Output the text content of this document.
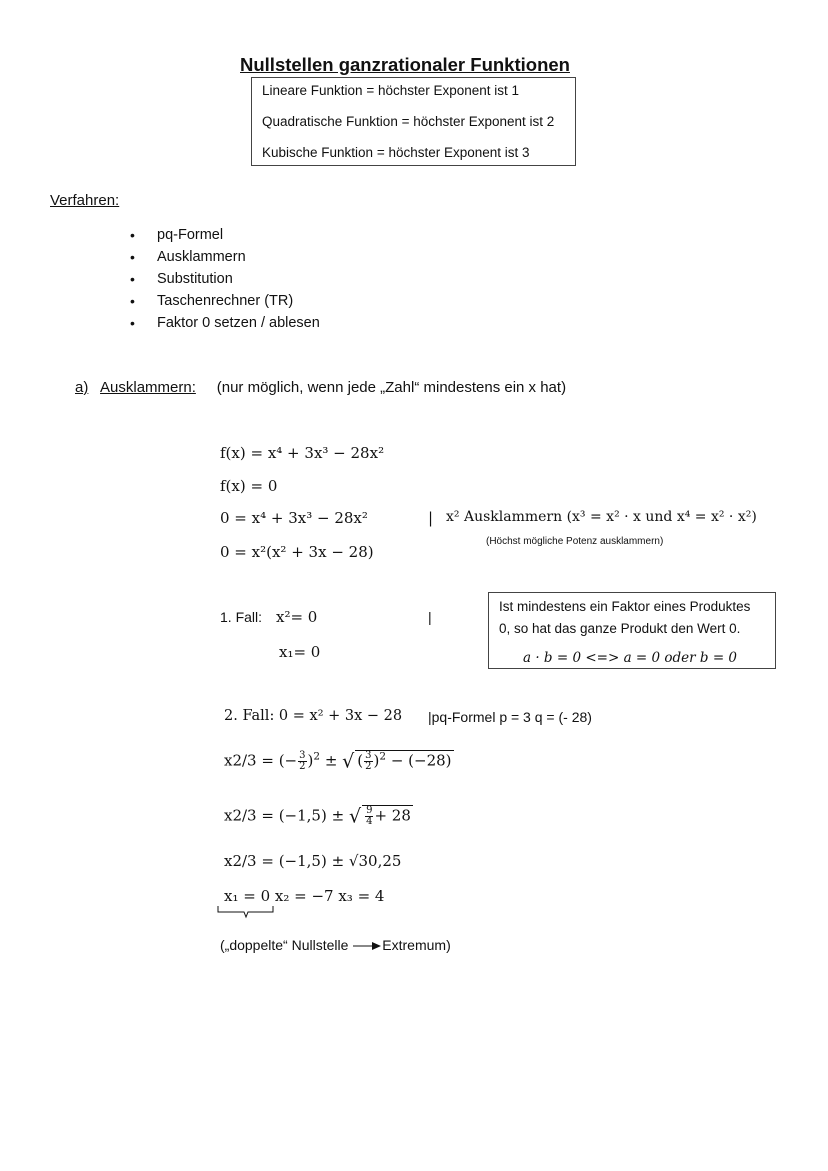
Nullstellen ganzrationaler Funktionen
Lineare Funktion = höchster Exponent ist 1
Quadratische Funktion = höchster Exponent ist 2
Kubische Funktion = höchster Exponent ist 3
Verfahren:
• pq-Formel
• Ausklammern
• Substitution
• Taschenrechner (TR)
• Faktor 0 setzen / ablesen
a) Ausklammern: (nur möglich, wenn jede „Zahl“ mindestens ein x hat)
f(x) = x⁴ + 3x³ − 28x²
f(x) = 0
0 = x⁴ + 3x³ − 28x²	| x² Ausklammern (x³ = x² · x und x⁴ = x² · x²)
0 = x²(x² + 3x − 28)
(Höchst mögliche Potenz ausklammern)
1. Fall: x²= 0	|
x₁= 0
Ist mindestens ein Faktor eines Produktes
0, so hat das ganze Produkt den Wert 0.
a · b = 0 <=> a = 0 oder b = 0
2. Fall: 0 = x² + 3x − 28 |pq-Formel p = 3 q = (- 28)
x2/3 = (− $\frac{3}{2} )^2$ ± √ ( $\frac{3}{2} )^2 - (-28)$
x2/3 = (−1,5) ± √ $\frac{9}{4} + 28$
x2/3 = (−1,5) ± √30,25
x₁ = 0 x₂ = −7 x₃ = 4
(„doppelte“ Nullstelle Extremum)
